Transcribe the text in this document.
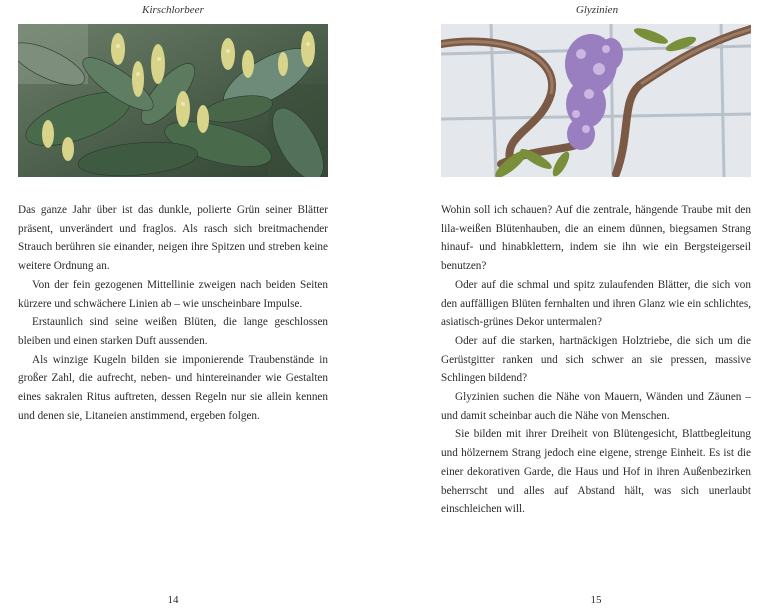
Kirschlorbeer

Das ganze Jahr über ist das dunkle, polierte Grün seiner Blätter präsent, unverändert und fraglos. Als rasch sich breitmachender Strauch berühren sie einander, neigen ihre Spitzen und streben keine weitere Ordnung an.

Von der fein gezogenen Mittellinie zweigen nach beiden Seiten kürzere und schwächere Linien ab – wie unscheinbare Impulse.

Erstaunlich sind seine weißen Blüten, die lange geschlossen bleiben und einen starken Duft aussenden.

Als winzige Kugeln bilden sie imponierende Traubenstände in großer Zahl, die aufrecht, neben- und hintereinander wie Gestalten eines sakralen Ritus auftreten, dessen Regeln nur sie allein kennen und denen sie, Litaneien anstimmend, ergeben folgen.

14
Glyzinien

Wohin soll ich schauen? Auf die zentrale, hängende Traube mit den lila-weißen Blütenhauben, die an einem dünnen, biegsamen Strang hinauf- und hinabklettern, indem sie ihn wie ein Bergsteigerseil benutzen?

Oder auf die schmal und spitz zulaufenden Blätter, die sich von den auffälligen Blüten fernhalten und ihren Glanz wie ein schlichtes, asiatisch-grünes Dekor untermalen?

Oder auf die starken, hartnäckigen Holztriebe, die sich um die Gerüstgitter ranken und sich schwer an sie pressen, massive Schlingen bildend?

Glyzinien suchen die Nähe von Mauern, Wänden und Zäunen – und damit scheinbar auch die Nähe von Menschen.

Sie bilden mit ihrer Dreiheit von Blütengesicht, Blattbegleitung und hölzernem Strang jedoch eine eigene, strenge Einheit. Es ist die einer dekorativen Garde, die Haus und Hof in ihren Außenbezirken beherrscht und alles auf Abstand hält, was sich unerlaubt einschleichen will.

15
